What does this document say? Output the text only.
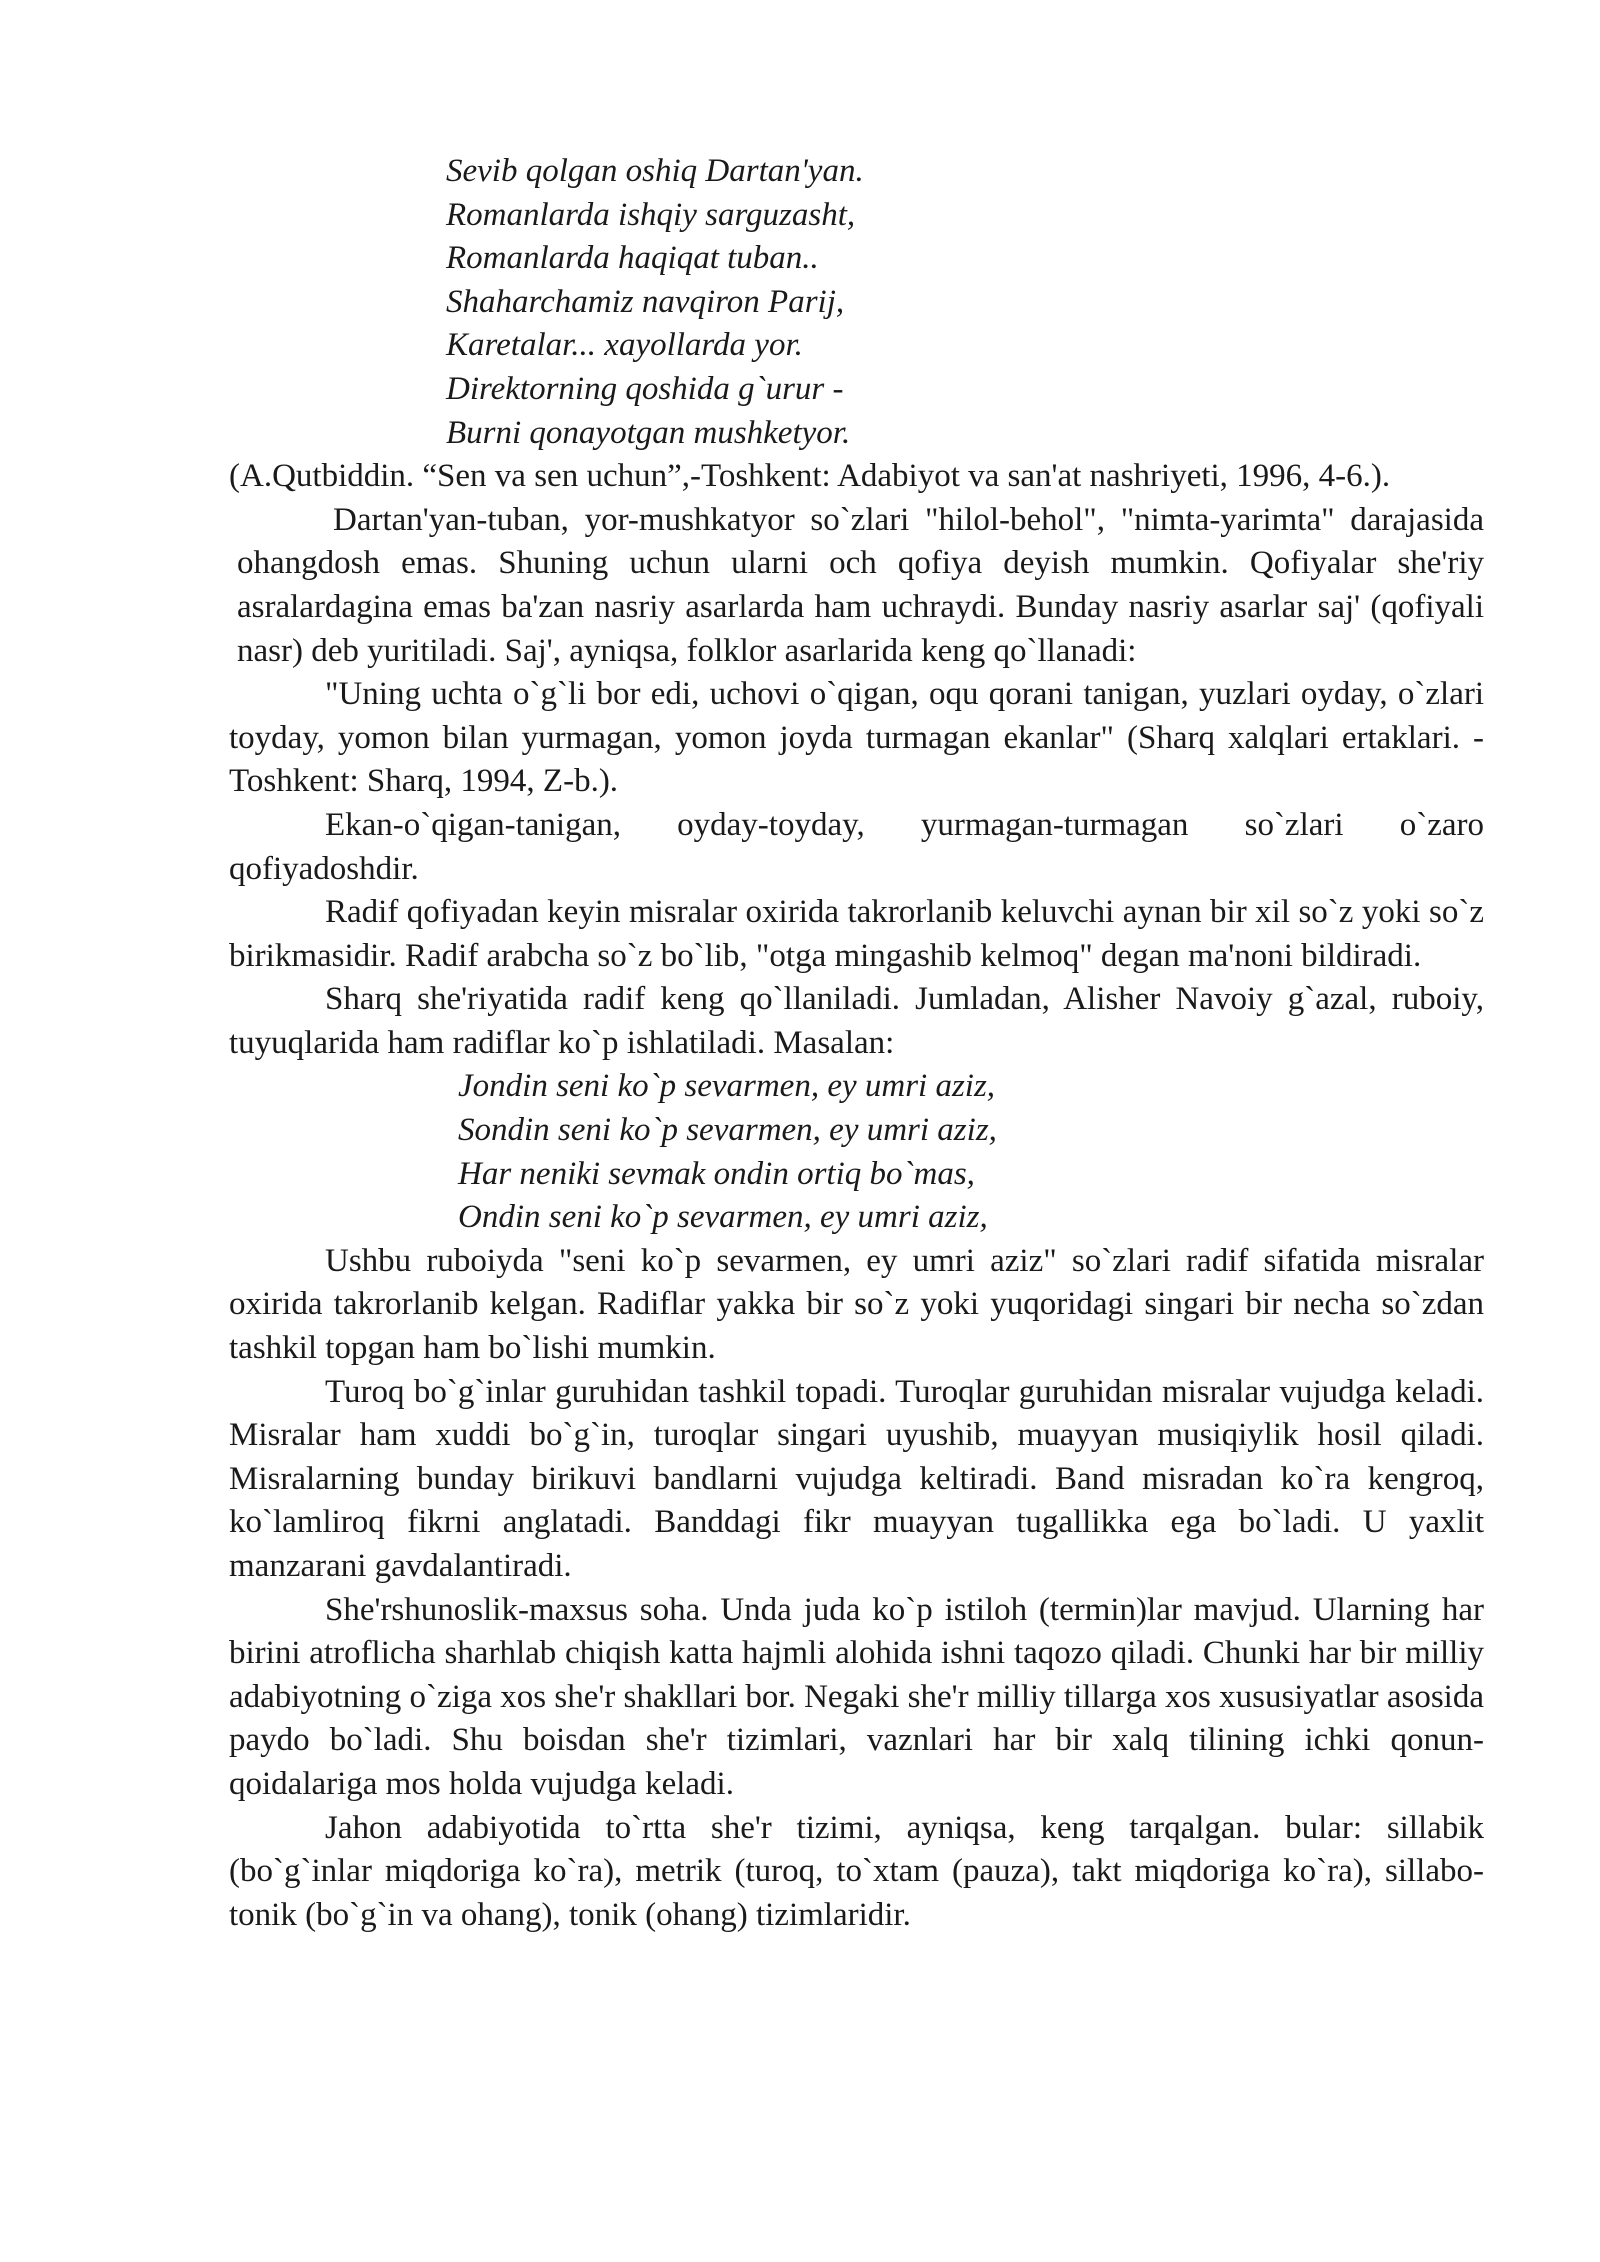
Sevib qolgan oshiq Dartan'yan.
Romanlarda ishqiy sarguzasht,
Romanlarda haqiqat tuban..
Shaharchamiz navqiron Parij,
Karetalar... xayollarda yor.
Direktorning qoshida g`urur -
Burni qonayotgan mushketyor.

(A.Qutbiddin. “Sen va sen uchun”,-Toshkent: Adabiyot va san'at nashriyeti, 1996, 4-6.).

Dartan'yan-tuban, yor-mushkatyor so`zlari "hilol-behol", "nimta-yarimta" darajasida ohangdosh emas. Shuning uchun ularni och qofiya deyish mumkin. Qofiyalar she'riy asralardagina emas ba'zan nasriy asarlarda ham uchraydi. Bunday nasriy asarlar saj' (qofiyali nasr) deb yuritiladi. Saj', ayniqsa, folklor asarlarida keng qo`llanadi:

"Uning uchta o`g`li bor edi, uchovi o`qigan, oqu qorani tanigan, yuzlari oyday, o`zlari toyday, yomon bilan yurmagan, yomon joyda turmagan ekanlar" (Sharq xalqlari ertaklari. -Toshkent: Sharq, 1994, Z-b.).

Ekan-o`qigan-tanigan, oyday-toyday, yurmagan-turmagan so`zlari o`zaro qofiyadoshdir.

Radif qofiyadan keyin misralar oxirida takrorlanib keluvchi aynan bir xil so`z yoki so`z birikmasidir. Radif arabcha so`z bo`lib, "otga mingashib kelmoq" degan ma'noni bildiradi.

Sharq she'riyatida radif keng qo`llaniladi. Jumladan, Alisher Navoiy g`azal, ruboiy, tuyuqlarida ham radiflar ko`p ishlatiladi. Masalan:

Jondin seni ko`p sevarmen, ey umri aziz,
Sondin seni ko`p sevarmen, ey umri aziz,
Har neniki sevmak ondin ortiq bo`mas,
Ondin seni ko`p sevarmen, ey umri aziz,

Ushbu ruboiyda "seni ko`p sevarmen, ey umri aziz" so`zlari radif sifatida misralar oxirida takrorlanib kelgan. Radiflar yakka bir so`z yoki yuqoridagi singari bir necha so`zdan tashkil topgan ham bo`lishi mumkin.

Turoq bo`g`inlar guruhidan tashkil topadi. Turoqlar guruhidan misralar vujudga keladi. Misralar ham xuddi bo`g`in, turoqlar singari uyushib, muayyan musiqiylik hosil qiladi. Misralarning bunday birikuvi bandlarni vujudga keltiradi. Band misradan ko`ra kengroq, ko`lamliroq fikrni anglatadi. Banddagi fikr muayyan tugallikka ega bo`ladi. U yaxlit manzarani gavdalantiradi.

She'rshunoslik-maxsus soha. Unda juda ko`p istiloh (termin)lar mavjud. Ularning har birini atroflicha sharhlab chiqish katta hajmli alohida ishni taqozo qiladi. Chunki har bir milliy adabiyotning o`ziga xos she'r shakllari bor. Negaki she'r milliy tillarga xos xususiyatlar asosida paydo bo`ladi. Shu boisdan she'r tizimlari, vaznlari har bir xalq tilining ichki qonun-qoidalariga mos holda vujudga keladi.

Jahon adabiyotida to`rtta she'r tizimi, ayniqsa, keng tarqalgan. bular: sillabik (bo`g`inlar miqdoriga ko`ra), metrik (turoq, to`xtam (pauza), takt miqdoriga ko`ra), sillabo-tonik (bo`g`in va ohang), tonik (ohang) tizimlaridir.
